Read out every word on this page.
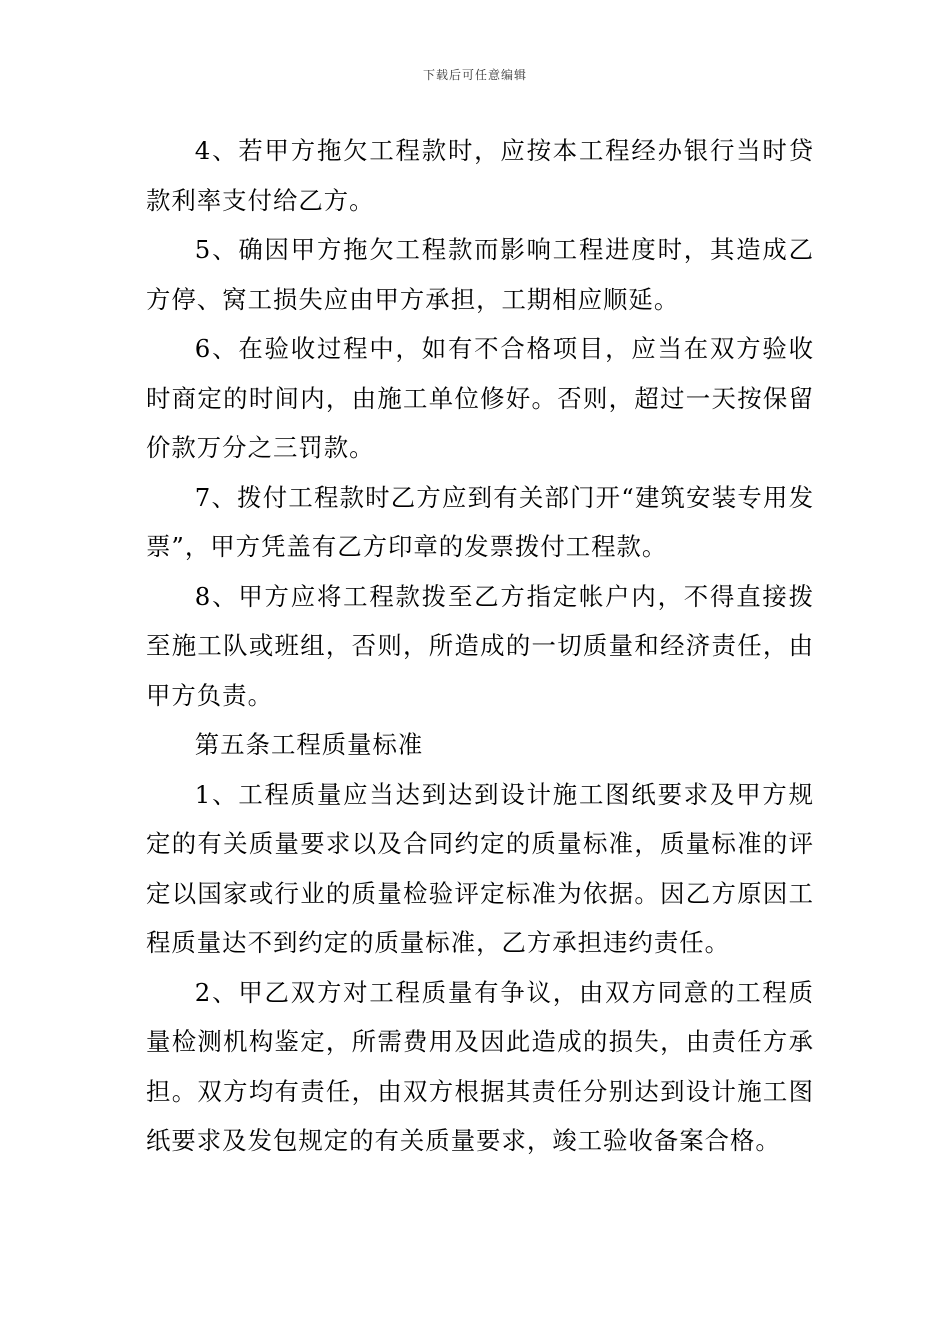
下载后可任意编辑

4、若甲方拖欠工程款时，应按本工程经办银行当时贷款利率支付给乙方。

5、确因甲方拖欠工程款而影响工程进度时，其造成乙方停、窝工损失应由甲方承担，工期相应顺延。

6、在验收过程中，如有不合格项目，应当在双方验收时商定的时间内，由施工单位修好。否则，超过一天按保留价款万分之三罚款。

7、拨付工程款时乙方应到有关部门开“建筑安装专用发票”，甲方凭盖有乙方印章的发票拨付工程款。

8、甲方应将工程款拨至乙方指定帐户内，不得直接拨至施工队或班组，否则，所造成的一切质量和经济责任，由甲方负责。

第五条工程质量标准

1、工程质量应当达到达到设计施工图纸要求及甲方规定的有关质量要求以及合同约定的质量标准，质量标准的评定以国家或行业的质量检验评定标准为依据。因乙方原因工程质量达不到约定的质量标准，乙方承担违约责任。

2、甲乙双方对工程质量有争议，由双方同意的工程质量检测机构鉴定，所需费用及因此造成的损失，由责任方承担。双方均有责任，由双方根据其责任分别达到设计施工图纸要求及发包规定的有关质量要求，竣工验收备案合格。
